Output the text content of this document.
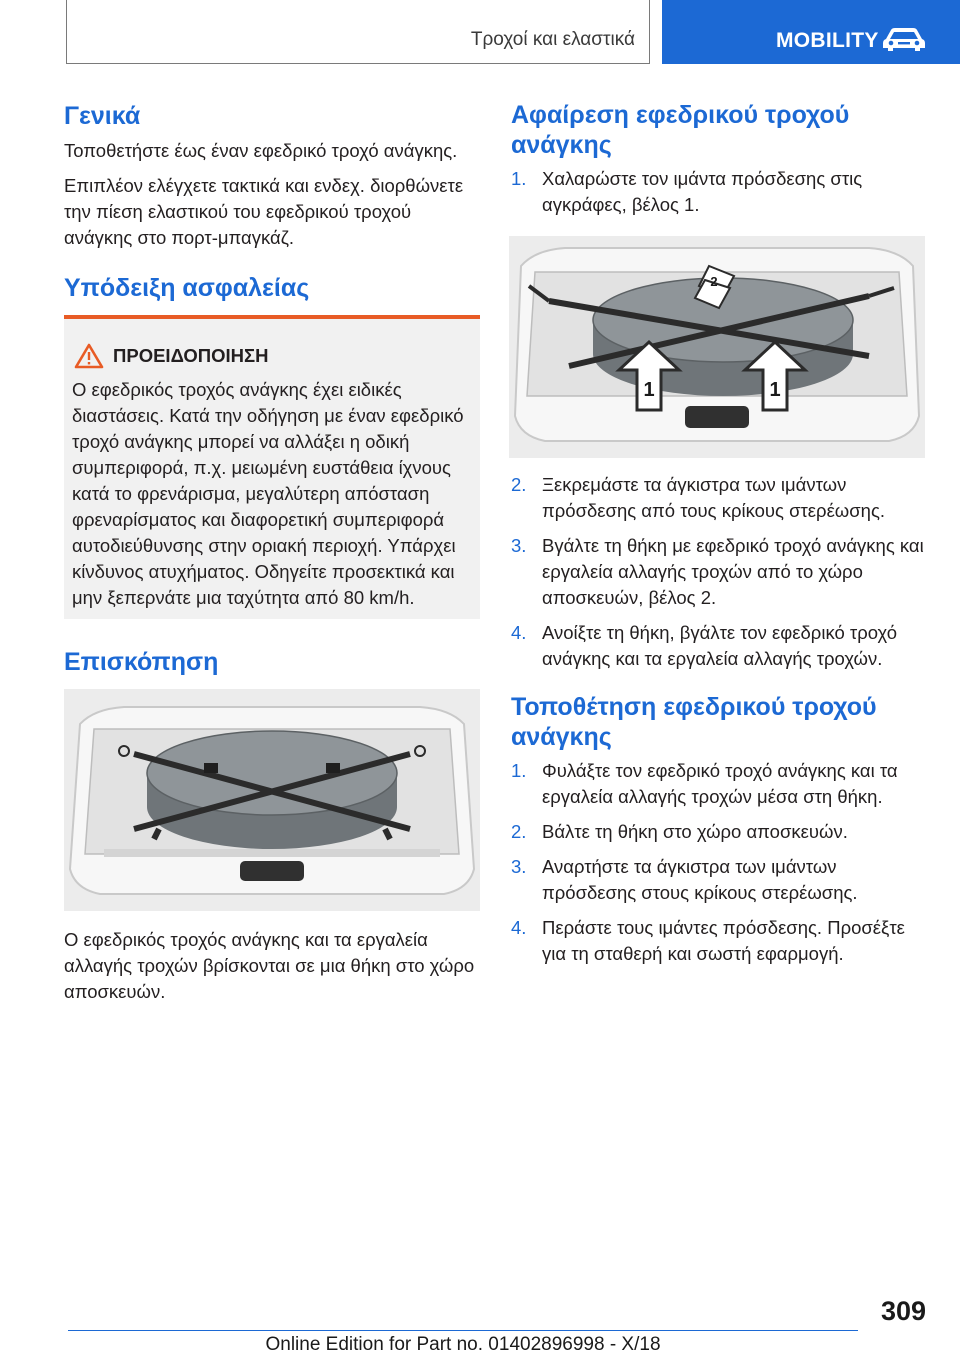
Τροχοί και ελαστικά	MOBILITY
Γενικά

Τοποθετήστε έως έναν εφεδρικό τροχό ανάγκης.

Επιπλέον ελέγχετε τακτικά και ενδεχ. διορθώνετε την πίεση ελαστικού του εφεδρικού τροχού ανάγκης στο πορτ-μπαγκάζ.

Υπόδειξη ασφαλείας
ΠΡΟΕΙΔΟΠΟΙΗΣΗ
Ο εφεδρικός τροχός ανάγκης έχει ειδικές διαστάσεις. Κατά την οδήγηση με έναν εφεδρικό τροχό ανάγκης μπορεί να αλλάξει η οδική συμπεριφορά, π.χ. μειωμένη ευστάθεια ίχνους κατά το φρενάρισμα, μεγαλύτερη απόσταση φρεναρίσματος και διαφορετική συμπεριφορά αυτοδιεύθυνσης στην οριακή περιοχή. Υπάρχει κίνδυνος ατυχήματος. Οδηγείτε προσεκτικά και μην ξεπερνάτε μια ταχύτητα από 80 km/h.
Επισκόπηση

Ο εφεδρικός τροχός ανάγκης και τα εργαλεία αλλαγής τροχών βρίσκονται σε μια θήκη στο χώρο αποσκευών.

Αφαίρεση εφεδρικού τροχού ανάγκης
1. Χαλαρώστε τον ιμάντα πρόσδεσης στις αγκράφες, βέλος 1.
1	1
2
2. Ξεκρεμάστε τα άγκιστρα των ιμάντων πρόσδεσης από τους κρίκους στερέωσης.
3. Βγάλτε τη θήκη με εφεδρικό τροχό ανάγκης και εργαλεία αλλαγής τροχών από το χώρο αποσκευών, βέλος 2.
4. Ανοίξτε τη θήκη, βγάλτε τον εφεδρικό τροχό ανάγκης και τα εργαλεία αλλαγής τροχών.
Τοποθέτηση εφεδρικού τροχού ανάγκης
1. Φυλάξτε τον εφεδρικό τροχό ανάγκης και τα εργαλεία αλλαγής τροχών μέσα στη θήκη.
2. Βάλτε τη θήκη στο χώρο αποσκευών.
3. Αναρτήστε τα άγκιστρα των ιμάντων πρόσδεσης στους κρίκους στερέωσης.
4. Περάστε τους ιμάντες πρόσδεσης. Προσέξτε για τη σταθερή και σωστή εφαρμογή.
309
Online Edition for Part no. 01402896998 - X/18
